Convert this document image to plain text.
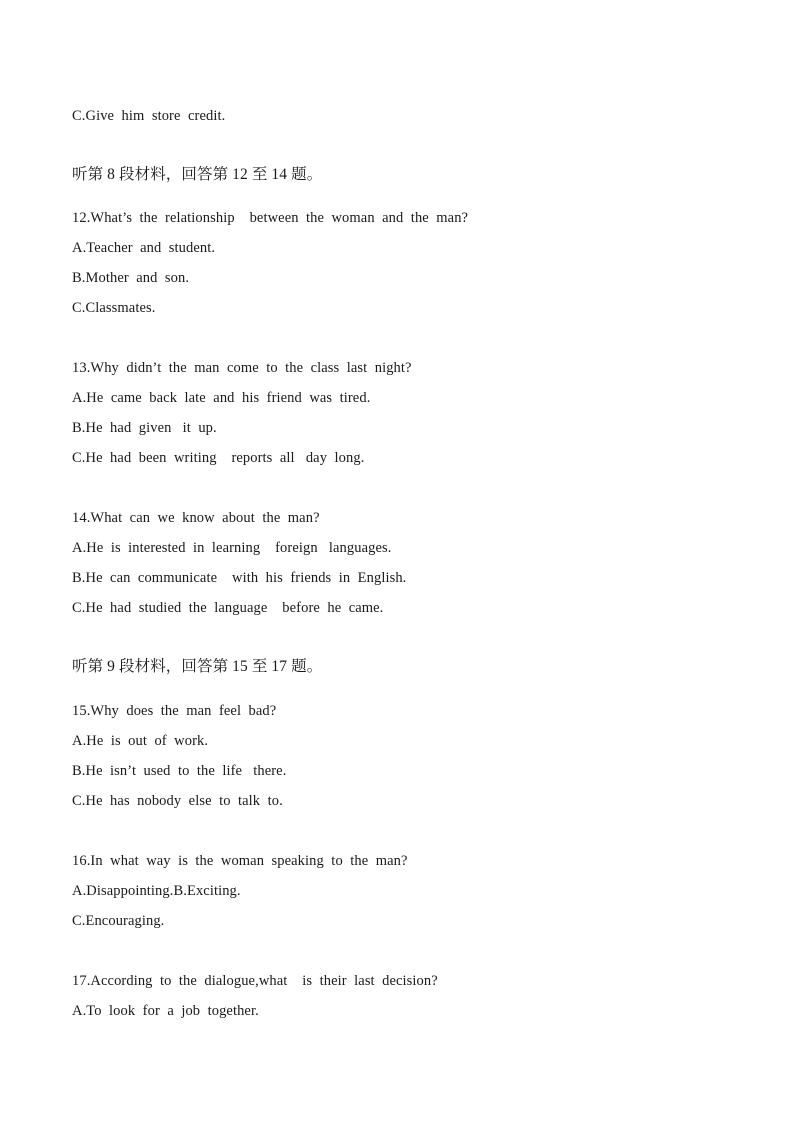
C.Give  him  store  credit.
听第 8 段材料，回答第 12 至 14 题。
12.What’s  the  relationship    between  the  woman  and  the  man?
A.Teacher  and  student.
B.Mother  and  son.
C.Classmates.
13.Why  didn’t  the  man  come  to  the  class  last  night?
A.He  came  back  late  and  his  friend  was  tired.
B.He  had  given   it  up.
C.He  had  been  writing    reports  all   day  long.
14.What  can  we  know  about  the  man?
A.He  is  interested  in  learning    foreign   languages.
B.He  can  communicate    with  his  friends  in  English.
C.He  had  studied  the  language    before  he  came.
听第 9 段材料，回答第 15 至 17 题。
15.Why  does  the  man  feel  bad?
A.He  is  out  of  work.
B.He  isn’t  used  to  the  life   there.
C.He  has  nobody  else  to  talk  to.
16.In  what  way  is  the  woman  speaking  to  the  man?
A.Disappointing.B.Exciting.
C.Encouraging.
17.According  to  the  dialogue,what    is  their  last  decision?
A.To  look  for  a  job  together.
